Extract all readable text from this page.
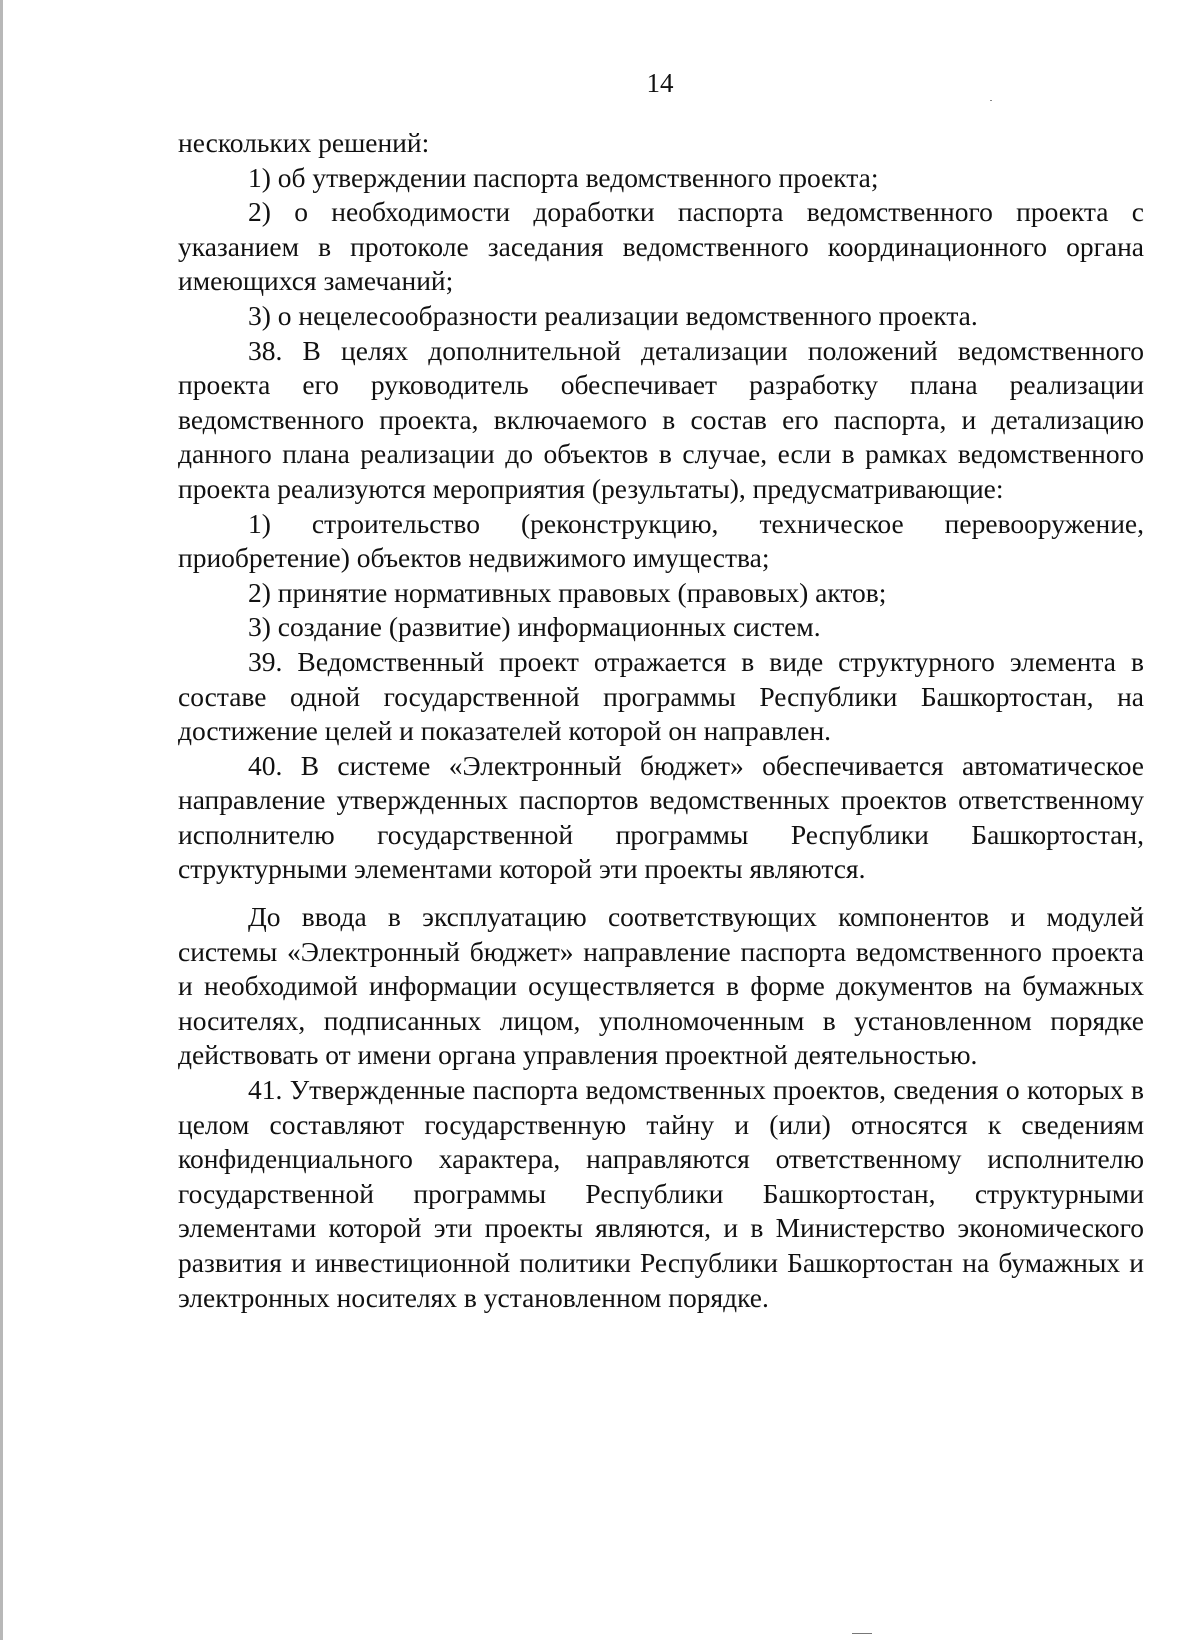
14

нескольких решений:

1) об утверждении паспорта ведомственного проекта;

2) о необходимости доработки паспорта ведомственного проекта с указанием в протоколе заседания ведомственного координационного органа имеющихся замечаний;

3) о нецелесообразности реализации ведомственного проекта.

38. В целях дополнительной детализации положений ведомственного проекта его руководитель обеспечивает разработку плана реализации ведомственного проекта, включаемого в состав его паспорта, и детализацию данного плана реализации до объектов в случае, если в рамках ведомственного проекта реализуются мероприятия (результаты), предусматривающие:

1) строительство (реконструкцию, техническое перевооружение, приобретение) объектов недвижимого имущества;

2) принятие нормативных правовых (правовых) актов;

3) создание (развитие) информационных систем.

39. Ведомственный проект отражается в виде структурного элемента в составе одной государственной программы Республики Башкортостан, на достижение целей и показателей которой он направлен.

40. В системе «Электронный бюджет» обеспечивается автоматическое направление утвержденных паспортов ведомственных проектов ответственному исполнителю государственной программы Республики Башкортостан, структурными элементами которой эти проекты являются.

До ввода в эксплуатацию соответствующих компонентов и модулей системы «Электронный бюджет» направление паспорта ведомственного проекта и необходимой информации осуществляется в форме документов на бумажных носителях, подписанных лицом, уполномоченным в установленном порядке действовать от имени органа управления проектной деятельностью.

41. Утвержденные паспорта ведомственных проектов, сведения о которых в целом составляют государственную тайну и (или) относятся к сведениям конфиденциального характера, направляются ответственному исполнителю государственной программы Республики Башкортостан, структурными элементами которой эти проекты являются, и в Министерство экономического развития и инвестиционной политики Республики Башкортостан на бумажных и электронных носителях в установленном порядке.
